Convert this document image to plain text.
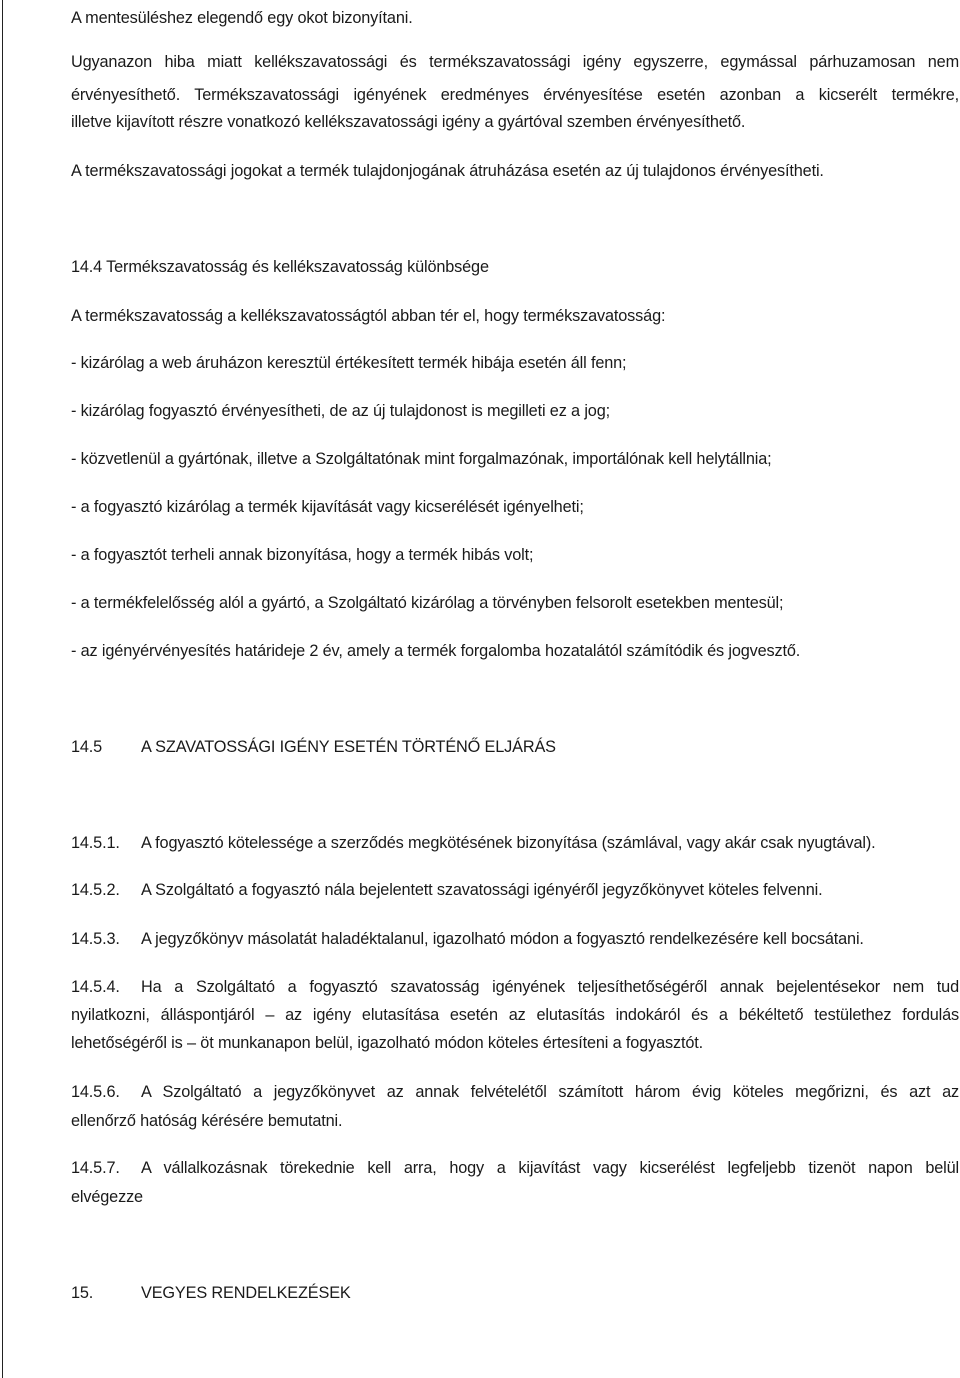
A mentesüléshez elegendő egy okot bizonyítani.
Ugyanazon hiba miatt kellékszavatossági és termékszavatossági igény egyszerre, egymással párhuzamosan nem
érvényesíthető. Termékszavatossági igényének eredményes érvényesítése esetén azonban a kicserélt termékre,
illetve kijavított részre vonatkozó kellékszavatossági igény a gyártóval szemben érvényesíthető.
A termékszavatossági jogokat a termék tulajdonjogának átruházása esetén az új tulajdonos érvényesítheti.
14.4 Termékszavatosság és kellékszavatosság különbsége
A termékszavatosság a kellékszavatosságtól abban tér el, hogy termékszavatosság:
- kizárólag a web áruházon keresztül értékesített termék hibája esetén áll fenn;
- kizárólag fogyasztó érvényesítheti, de az új tulajdonost is megilleti ez a jog;
- közvetlenül a gyártónak, illetve a Szolgáltatónak mint forgalmazónak, importálónak kell helytállnia;
- a fogyasztó kizárólag a termék kijavítását vagy kicserélését igényelheti;
- a fogyasztót terheli annak bizonyítása, hogy a termék hibás volt;
- a termékfelelősség alól a gyártó, a Szolgáltató kizárólag a törvényben felsorolt esetekben mentesül;
- az igényérvényesítés határideje 2 év, amely a termék forgalomba hozatalától számítódik és jogvesztő.
14.5 A SZAVATOSSÁGI IGÉNY ESETÉN TÖRTÉNŐ ELJÁRÁS
14.5.1. A fogyasztó kötelessége a szerződés megkötésének bizonyítása (számlával, vagy akár csak nyugtával).
14.5.2. A Szolgáltató a fogyasztó nála bejelentett szavatossági igényéről jegyzőkönyvet köteles felvenni.
14.5.3. A jegyzőkönyv másolatát haladéktalanul, igazolható módon a fogyasztó rendelkezésére kell bocsátani.
14.5.4. Ha a Szolgáltató a fogyasztó szavatosság igényének teljesíthetőségéről annak bejelentésekor nem tud
nyilatkozni, álláspontjáról – az igény elutasítása esetén az elutasítás indokáról és a békéltető testülethez fordulás
lehetőségéről is – öt munkanapon belül, igazolható módon köteles értesíteni a fogyasztót.
14.5.6. A Szolgáltató a jegyzőkönyvet az annak felvételétől számított három évig köteles megőrizni, és azt az
ellenőrző hatóság kérésére bemutatni.
14.5.7. A vállalkozásnak törekednie kell arra, hogy a kijavítást vagy kicserélést legfeljebb tizenöt napon belül
elvégezze
15.	VEGYES RENDELKEZÉSEK
